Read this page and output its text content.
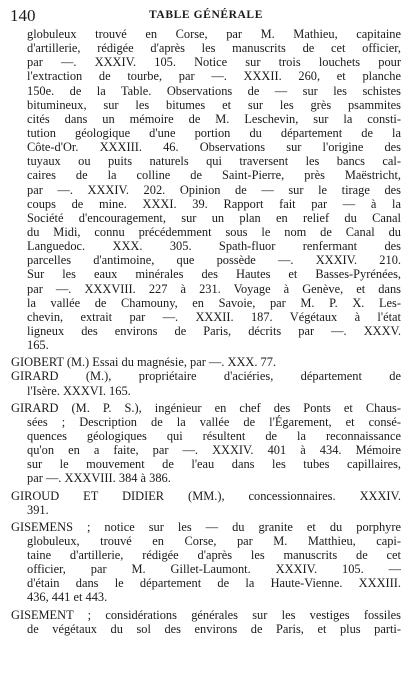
140	TABLE GÉNÉRALE
globuleux trouvé en Corse, par M. Mathieu, capitaine
d'artillerie, rédigée d'après les manuscrits de cet officier,
par —. XXXIV. 105. Notice sur trois louchets pour
l'extraction de tourbe, par —. XXXII. 260, et planche
150e. de la Table. Observations de — sur les schistes
bitumineux, sur les bitumes et sur les grès psammites
cités dans un mémoire de M. Leschevin, sur la consti-
tution géologique d'une portion du département de la
Côte-d'Or. XXXIII. 46. Observations sur l'origine des
tuyaux ou puits naturels qui traversent les bancs cal-
caires de la colline de Saint-Pierre, près Maëstricht,
par —. XXXIV. 202. Opinion de — sur le tirage des
coups de mine. XXXI. 39. Rapport fait par — à la
Société d'encouragement, sur un plan en relief du Canal
du Midi, connu précédemment sous le nom de Canal du
Languedoc. XXX. 305. Spath-fluor renfermant des
parcelles d'antimoine, que possède —. XXXIV. 210.
Sur les eaux minérales des Hautes et Basses-Pyrénées,
par —. XXXVIII. 227 à 231. Voyage à Genève, et dans
la vallée de Chamouny, en Savoie, par M. P. X. Les-
chevin, extrait par —. XXXII. 187. Végétaux à l'état
ligneux des environs de Paris, décrits par —. XXXV.
165.
GIOBERT (M.) Essai du magnésie, par —. XXX. 77.
GIRARD (M.), propriétaire d'aciéries, département de
l'Isère. XXXVI. 165.
GIRARD (M. P. S.), ingénieur en chef des Ponts et Chaus-
sées ; Description de la vallée de l'Égarement, et consé-
quences géologiques qui résultent de la reconnaissance
qu'on en a faite, par —. XXXIV. 401 à 434. Mémoire
sur le mouvement de l'eau dans les tubes capillaires,
par —. XXXVIII. 384 à 386.
GIROUD ET DIDIER (MM.), concessionnaires. XXXIV.
391.
GISEMENS ; notice sur les — du granite et du porphyre
globuleux, trouvé en Corse, par M. Matthieu, capi-
taine d'artillerie, rédigée d'après les manuscrits de cet
officier, par M. Gillet-Laumont. XXXIV. 105. —
d'étain dans le département de la Haute-Vienne. XXXIII.
436, 441 et 443.
GISEMENT ; considérations générales sur les vestiges fossiles
de végétaux du sol des environs de Paris, et plus parti-
